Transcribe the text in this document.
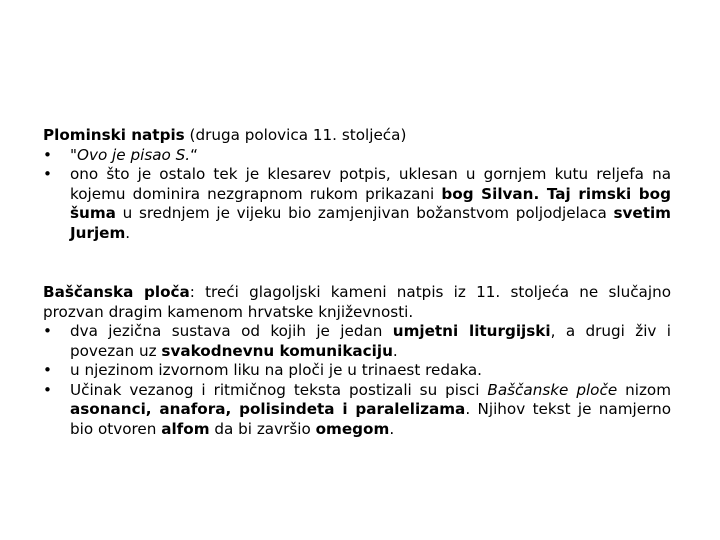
Plominski natpis (druga polovica 11. stoljeća)

• "Ovo je pisao S.“
• ono što je ostalo tek je klesarev potpis, uklesan u gornjem kutu reljefa na kojemu dominira nezgrapnom rukom prikazani bog Silvan. Taj rimski bog šuma u srednjem je vijeku bio zamjenjivan božanstvom poljodjelaca svetim Jurjem.

Baščanska ploča: treći glagoljski kameni natpis iz 11. stoljeća ne slučajno prozvan dragim kamenom hrvatske književnosti.

• dva jezična sustava od kojih je jedan umjetni liturgijski, a drugi živ i povezan uz svakodnevnu komunikaciju.
• u njezinom izvornom liku na ploči je u trinaest redaka.
• Učinak vezanog i ritmičnog teksta postizali su pisci Baščanske ploče nizom asonanci, anafora, polisindeta i paralelizama. Njihov tekst je namjerno bio otvoren alfom da bi završio omegom.
